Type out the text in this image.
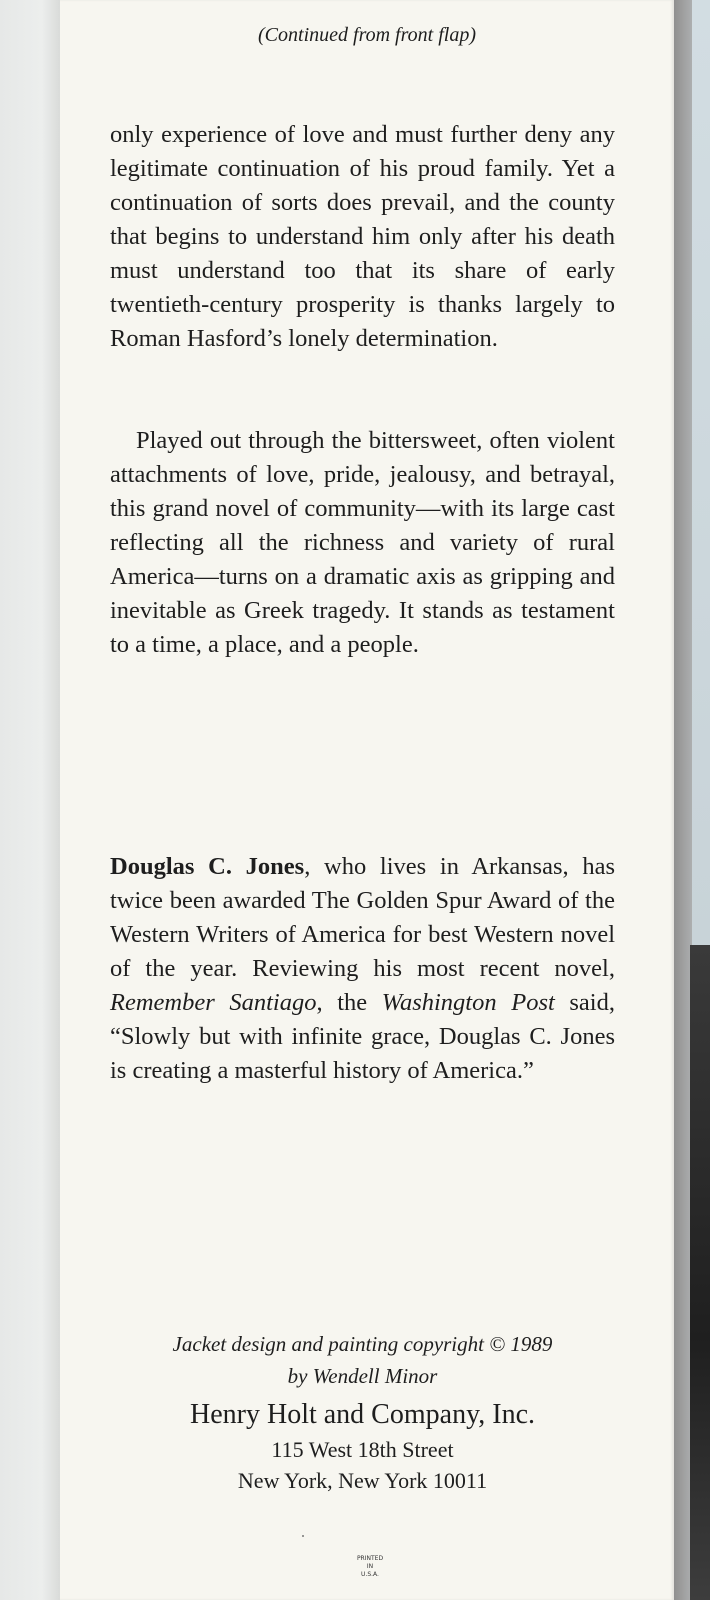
(Continued from front flap)

only experience of love and must further deny any legitimate continuation of his proud family. Yet a continuation of sorts does prevail, and the county that begins to understand him only after his death must understand too that its share of early twentieth-century prosperity is thanks largely to Roman Hasford’s lonely determination.

Played out through the bittersweet, often violent attachments of love, pride, jealousy, and betrayal, this grand novel of community—with its large cast reflecting all the richness and variety of rural America—turns on a dramatic axis as gripping and inevitable as Greek tragedy. It stands as testament to a time, a place, and a people.

Douglas C. Jones, who lives in Arkansas, has twice been awarded The Golden Spur Award of the Western Writers of America for best Western novel of the year. Reviewing his most recent novel, Remember Santiago, the Washington Post said, “Slowly but with infinite grace, Douglas C. Jones is creating a masterful history of America.”

Jacket design and painting copyright © 1989
by Wendell Minor
Henry Holt and Company, Inc.
115 West 18th Street
New York, New York 10011
PRINTED
IN
U.S.A.
